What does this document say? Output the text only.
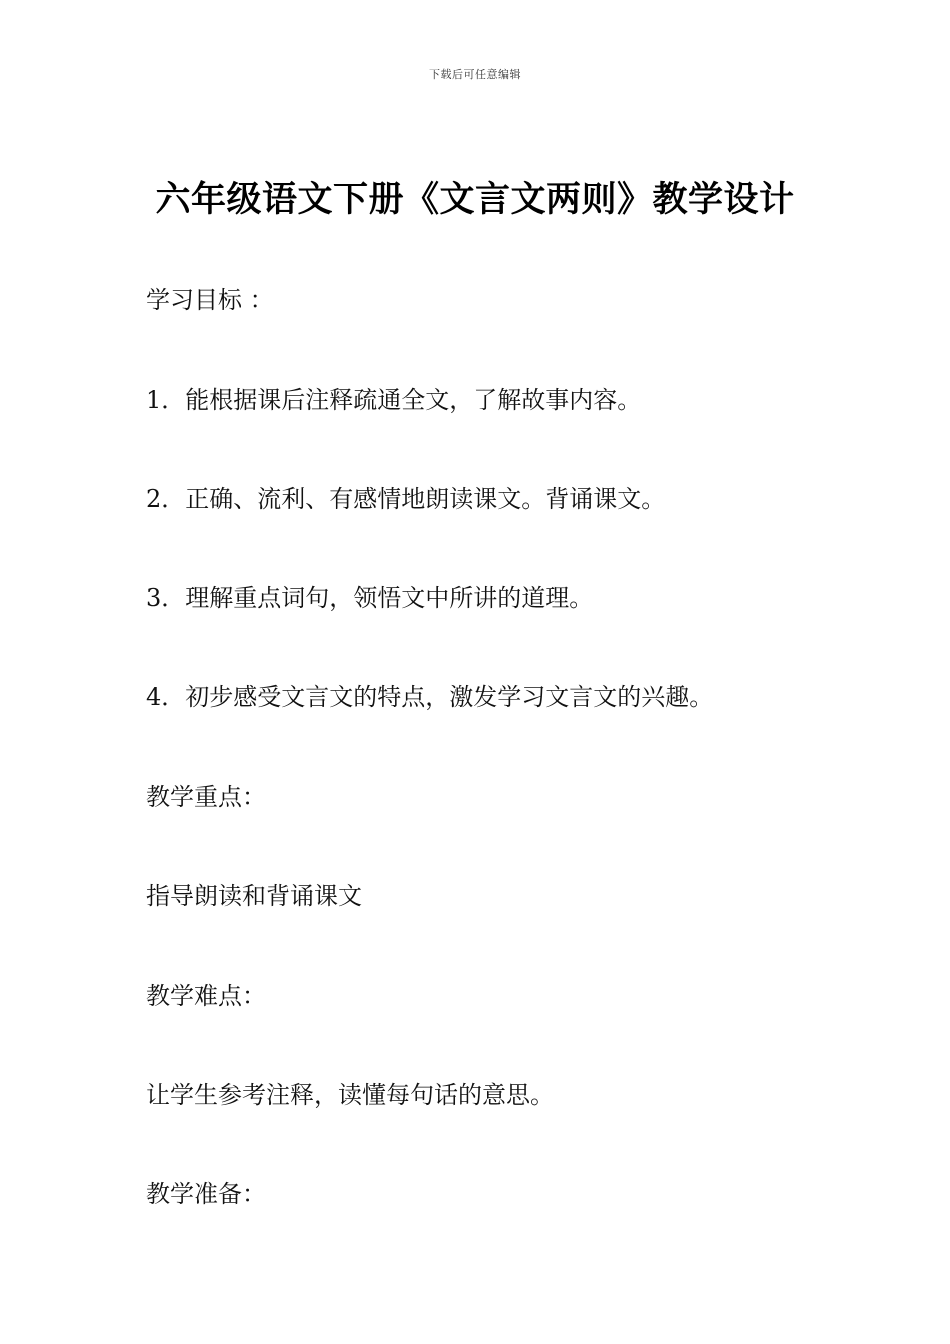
下载后可任意编辑
六年级语文下册《文言文两则》教学设计
学习目标 ：
1．能根据课后注释疏通全文，了解故事内容。
2．正确、流利、有感情地朗读课文。背诵课文。
3．理解重点词句，领悟文中所讲的道理。
4．初步感受文言文的特点，激发学习文言文的兴趣。
教学重点：
指导朗读和背诵课文
教学难点：
让学生参考注释，读懂每句话的意思。
教学准备：
